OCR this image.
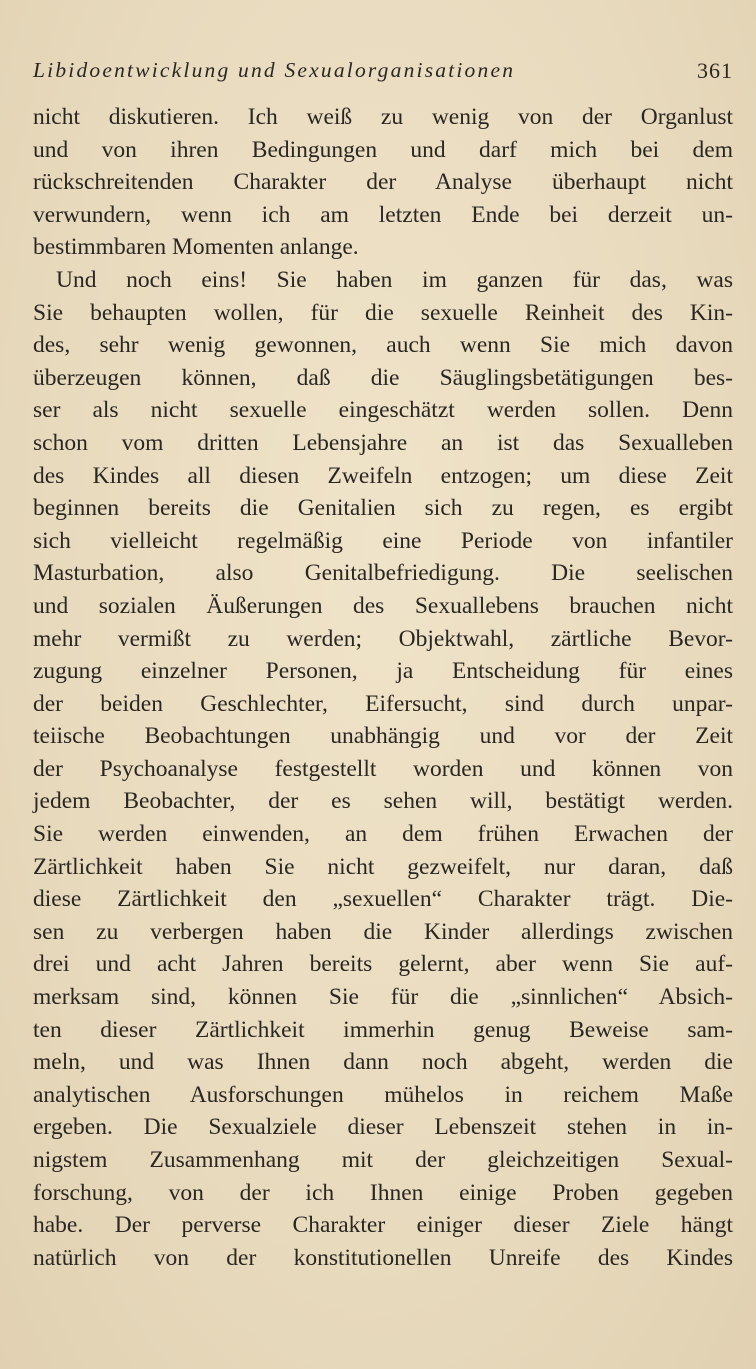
Libidoentwicklung und Sexualorganisationen	361
nicht diskutieren. Ich weiß zu wenig von der Organlust
und von ihren Bedingungen und darf mich bei dem
rückschreitenden Charakter der Analyse überhaupt nicht
verwundern, wenn ich am letzten Ende bei derzeit un-
bestimmbaren Momenten anlange.
Und noch eins! Sie haben im ganzen für das, was
Sie behaupten wollen, für die sexuelle Reinheit des Kin-
des, sehr wenig gewonnen, auch wenn Sie mich davon
überzeugen können, daß die Säuglingsbetätigungen bes-
ser als nicht sexuelle eingeschätzt werden sollen. Denn
schon vom dritten Lebensjahre an ist das Sexualleben
des Kindes all diesen Zweifeln entzogen; um diese Zeit
beginnen bereits die Genitalien sich zu regen, es ergibt
sich vielleicht regelmäßig eine Periode von infantiler
Masturbation, also Genitalbefriedigung. Die seelischen
und sozialen Äußerungen des Sexuallebens brauchen nicht
mehr vermißt zu werden; Objektwahl, zärtliche Bevor-
zugung einzelner Personen, ja Entscheidung für eines
der beiden Geschlechter, Eifersucht, sind durch unpar-
teiische Beobachtungen unabhängig und vor der Zeit
der Psychoanalyse festgestellt worden und können von
jedem Beobachter, der es sehen will, bestätigt werden.
Sie werden einwenden, an dem frühen Erwachen der
Zärtlichkeit haben Sie nicht gezweifelt, nur daran, daß
diese Zärtlichkeit den „sexuellen“ Charakter trägt. Die-
sen zu verbergen haben die Kinder allerdings zwischen
drei und acht Jahren bereits gelernt, aber wenn Sie auf-
merksam sind, können Sie für die „sinnlichen“ Absich-
ten dieser Zärtlichkeit immerhin genug Beweise sam-
meln, und was Ihnen dann noch abgeht, werden die
analytischen Ausforschungen mühelos in reichem Maße
ergeben. Die Sexualziele dieser Lebenszeit stehen in in-
nigstem Zusammenhang mit der gleichzeitigen Sexual-
forschung, von der ich Ihnen einige Proben gegeben
habe. Der perverse Charakter einiger dieser Ziele hängt
natürlich von der konstitutionellen Unreife des Kindes
